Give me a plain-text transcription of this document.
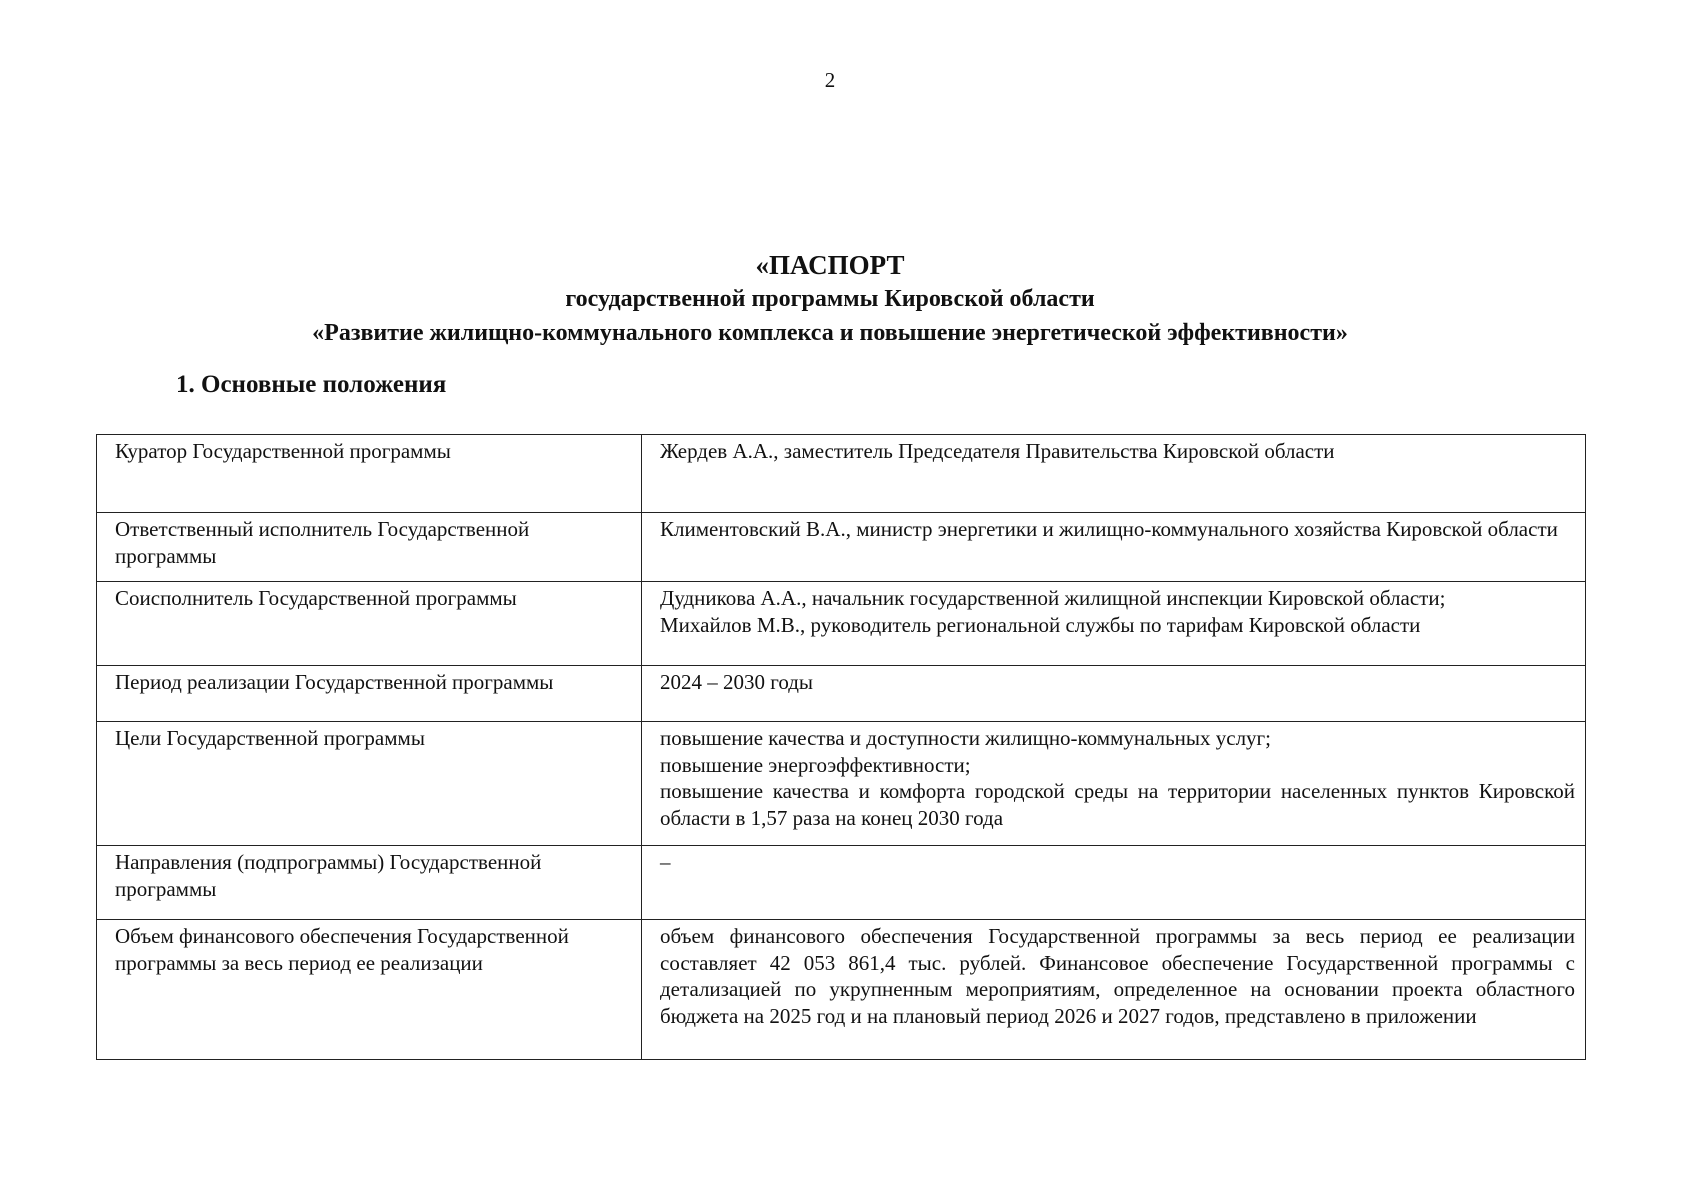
2
«ПАСПОРТ
государственной программы Кировской области
«Развитие жилищно-коммунального комплекса и повышение энергетической эффективности»
1. Основные положения
Куратор Государственной программы	Жердев А.А., заместитель Председателя Правительства Кировской области

Ответственный исполнитель Государственной программы	Климентовский В.А., министр энергетики и жилищно-коммунального хозяйства Кировской области

Соисполнитель Государственной программы	Дудникова А.А., начальник государственной жилищной инспекции Кировской области;
Михайлов М.В., руководитель региональной службы по тарифам Кировской области

Период реализации Государственной программы	2024 – 2030 годы

Цели Государственной программы	повышение качества и доступности жилищно-коммунальных услуг;
повышение энергоэффективности;
повышение качества и комфорта городской среды на территории населенных пунктов Кировской области в 1,57 раза на конец 2030 года

Направления (подпрограммы) Государственной программы	–

Объем финансового обеспечения Государственной программы за весь период ее реализации	объем финансового обеспечения Государственной программы за весь период ее реализации составляет 42 053 861,4 тыс. рублей. Финансовое обеспечение Государственной программы с детализацией по укрупненным мероприятиям, определенное на основании проекта областного бюджета на 2025 год и на плановый период 2026 и 2027 годов, представлено в приложении
